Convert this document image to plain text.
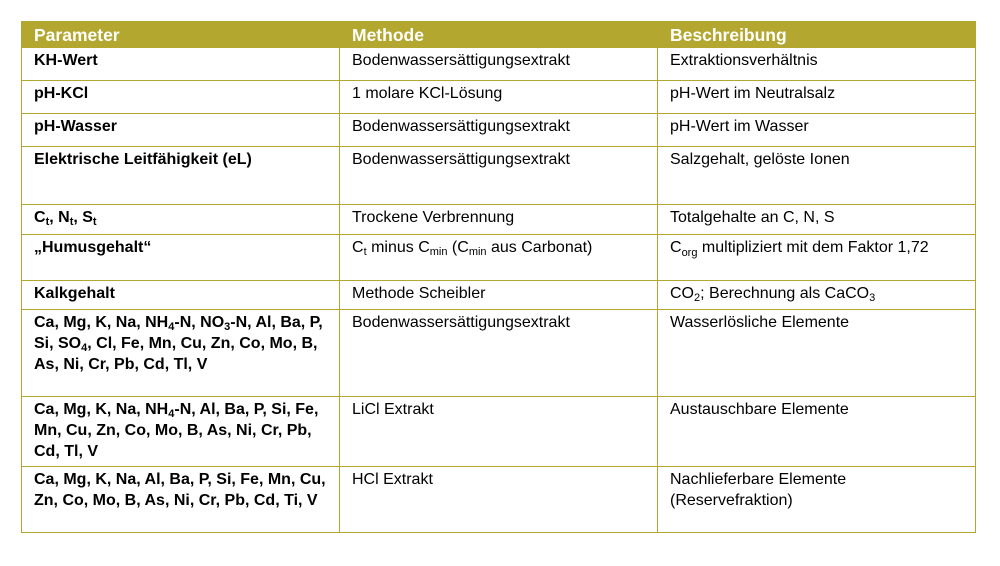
Parameter	Methode	Beschreibung
KH-Wert	Bodenwassersättigungsextrakt	Extraktionsverhältnis
pH-KCl	1 molare KCl-Lösung	pH-Wert im Neutralsalz
pH-Wasser	Bodenwassersättigungsextrakt	pH-Wert im Wasser
Elektrische Leitfähigkeit (eL)	Bodenwassersättigungsextrakt	Salzgehalt, gelöste Ionen
Ct, Nt, St	Trockene Verbrennung	Totalgehalte an C, N, S
„Humusgehalt“	Ct minus Cmin (Cmin aus Carbonat)	$C_{org}$ multipliziert mit dem Faktor 1,72
Kalkgehalt	Methode Scheibler	CO2; Berechnung als CaCO3
Ca, Mg, K, Na, NH4-N, NO3-N, Al, Ba, P, Si, SO4, Cl, Fe, Mn, Cu, Zn, Co, Mo, B, As, Ni, Cr, Pb, Cd, Tl, V	Bodenwassersättigungsextrakt	Wasserlösliche Elemente
Ca, Mg, K, Na, NH4-N, Al, Ba, P, Si, Fe, Mn, Cu, Zn, Co, Mo, B, As, Ni, Cr, Pb, Cd, Tl, V	LiCl Extrakt	Austauschbare Elemente
Ca, Mg, K, Na, Al, Ba, P, Si, Fe, Mn, Cu, Zn, Co, Mo, B, As, Ni, Cr, Pb, Cd, Ti, V	HCl Extrakt	Nachlieferbare Elemente (Reservefraktion)
